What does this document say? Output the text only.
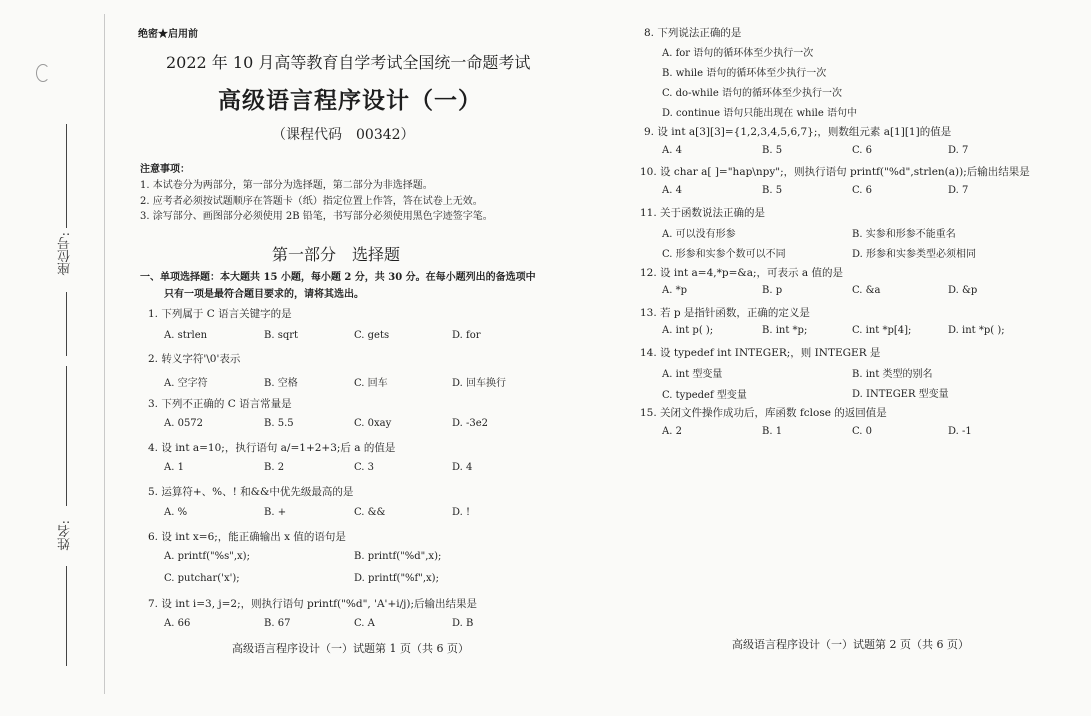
座位号:
姓名:
绝密★启用前
2022 年 10 月高等教育自学考试全国统一命题考试
高级语言程序设计（一）
（课程代码　00342）
注意事项：
1. 本试卷分为两部分，第一部分为选择题，第二部分为非选择题。
2. 应考者必须按试题顺序在答题卡（纸）指定位置上作答，答在试卷上无效。
3. 涂写部分、画图部分必须使用 2B 铅笔，书写部分必须使用黑色字迹签字笔。
第一部分　选择题
一、单项选择题：本大题共 15 小题，每小题 2 分，共 30 分。在每小题列出的备选项中
只有一项是最符合题目要求的，请将其选出。
1. 下列属于 C 语言关键字的是
A. strlen	B. sqrt	C. gets	D. for
2. 转义字符'\0'表示
A. 空字符	B. 空格	C. 回车	D. 回车换行
3. 下列不正确的 C 语言常量是
A. 0572	B. 5.5	C. 0xay	D. -3e2
4. 设 int a=10;，执行语句 a/=1+2+3;后 a 的值是
A. 1	B. 2	C. 3	D. 4
5. 运算符+、%、! 和&&中优先级最高的是
A. %	B. +	C. &&	D. !
6. 设 int x=6;，能正确输出 x 值的语句是
A. printf("%s",x);	B. printf("%d",x);
C. putchar('x');	D. printf("%f",x);
7. 设 int i=3, j=2;，则执行语句 printf("%d", 'A'+i/j);后输出结果是
A. 66	B. 67	C. A	D. B
高级语言程序设计（一）试题第 1 页（共 6 页）
8. 下列说法正确的是
A. for 语句的循环体至少执行一次
B. while 语句的循环体至少执行一次
C. do-while 语句的循环体至少执行一次
D. continue 语句只能出现在 while 语句中
9. 设 int a[3][3]={1,2,3,4,5,6,7};，则数组元素 a[1][1]的值是
A. 4	B. 5	C. 6	D. 7
10. 设 char a[ ]="hap\npy";，则执行语句 printf("%d",strlen(a));后输出结果是
A. 4	B. 5	C. 6	D. 7
11. 关于函数说法正确的是
A. 可以没有形参	B. 实参和形参不能重名
C. 形参和实参个数可以不同	D. 形参和实参类型必须相同
12. 设 int a=4,*p=&a;，可表示 a 值的是
A. *p	B. p	C. &a	D. &p
13. 若 p 是指针函数，正确的定义是
A. int p( );	B. int *p;	C. int *p[4];	D. int *p( );
14. 设 typedef int INTEGER;，则 INTEGER 是
A. int 型变量	B. int 类型的别名
C. typedef 型变量	D. INTEGER 型变量
15. 关闭文件操作成功后，库函数 fclose 的返回值是
A. 2	B. 1	C. 0	D. -1
高级语言程序设计（一）试题第 2 页（共 6 页）
